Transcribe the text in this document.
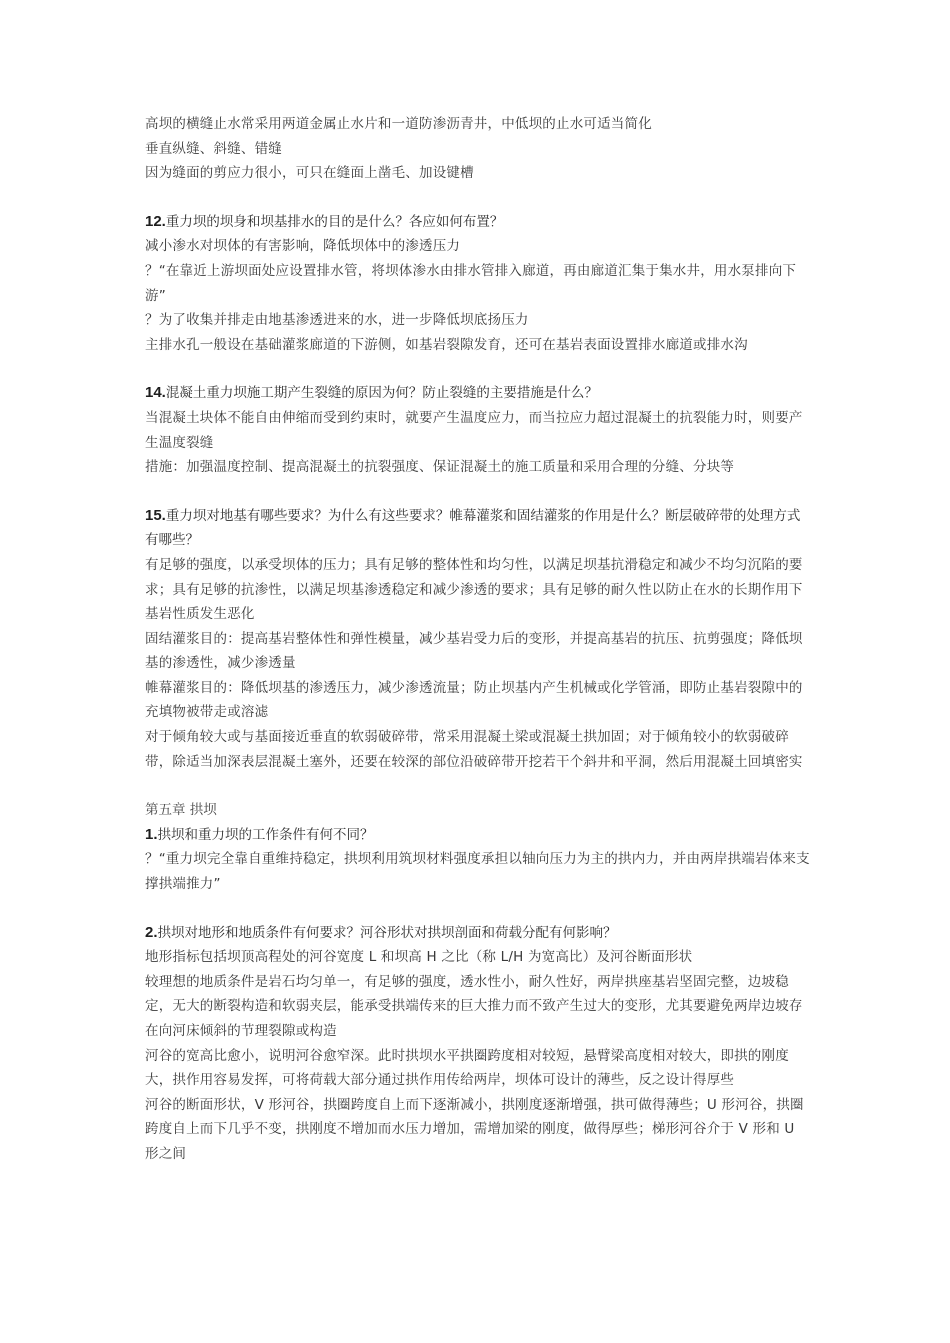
高坝的横缝止水常采用两道金属止水片和一道防渗沥青井，中低坝的止水可适当简化
垂直纵缝、斜缝、错缝
因为缝面的剪应力很小，可只在缝面上凿毛、加设键槽
12.重力坝的坝身和坝基排水的目的是什么？各应如何布置？
减小渗水对坝体的有害影响，降低坝体中的渗透压力
？“在靠近上游坝面处应设置排水管，将坝体渗水由排水管排入廊道，再由廊道汇集于集水井，用水泵排向下游”
？为了收集并排走由地基渗透进来的水，进一步降低坝底扬压力
主排水孔一般设在基础灌浆廊道的下游侧，如基岩裂隙发育，还可在基岩表面设置排水廊道或排水沟
14.混凝土重力坝施工期产生裂缝的原因为何？防止裂缝的主要措施是什么？
当混凝土块体不能自由伸缩而受到约束时，就要产生温度应力，而当拉应力超过混凝土的抗裂能力时，则要产生温度裂缝
措施：加强温度控制、提高混凝土的抗裂强度、保证混凝土的施工质量和采用合理的分缝、分块等
15.重力坝对地基有哪些要求？为什么有这些要求？帷幕灌浆和固结灌浆的作用是什么？断层破碎带的处理方式有哪些？
有足够的强度，以承受坝体的压力；具有足够的整体性和均匀性，以满足坝基抗滑稳定和减少不均匀沉陷的要求；具有足够的抗渗性，以满足坝基渗透稳定和减少渗透的要求；具有足够的耐久性以防止在水的长期作用下基岩性质发生恶化
固结灌浆目的：提高基岩整体性和弹性模量，减少基岩受力后的变形，并提高基岩的抗压、抗剪强度；降低坝基的渗透性，减少渗透量
帷幕灌浆目的：降低坝基的渗透压力，减少渗透流量；防止坝基内产生机械或化学管涌，即防止基岩裂隙中的充填物被带走或溶滤
对于倾角较大或与基面接近垂直的软弱破碎带，常采用混凝土梁或混凝土拱加固；对于倾角较小的软弱破碎带，除适当加深表层混凝土塞外，还要在较深的部位沿破碎带开挖若干个斜井和平洞，然后用混凝土回填密实
第五章 拱坝
1.拱坝和重力坝的工作条件有何不同？
？“重力坝完全靠自重维持稳定，拱坝利用筑坝材料强度承担以轴向压力为主的拱内力，并由两岸拱端岩体来支撑拱端推力”
2.拱坝对地形和地质条件有何要求？河谷形状对拱坝剖面和荷载分配有何影响？
地形指标包括坝顶高程处的河谷宽度 L 和坝高 H 之比（称 L/H 为宽高比）及河谷断面形状
较理想的地质条件是岩石均匀单一，有足够的强度，透水性小，耐久性好，两岸拱座基岩坚固完整，边坡稳定，无大的断裂构造和软弱夹层，能承受拱端传来的巨大推力而不致产生过大的变形，尤其要避免两岸边坡存在向河床倾斜的节理裂隙或构造
河谷的宽高比愈小，说明河谷愈窄深。此时拱坝水平拱圈跨度相对较短，悬臂梁高度相对较大，即拱的刚度大，拱作用容易发挥，可将荷载大部分通过拱作用传给两岸，坝体可设计的薄些，反之设计得厚些
河谷的断面形状，V 形河谷，拱圈跨度自上而下逐渐减小，拱刚度逐渐增强，拱可做得薄些；U 形河谷，拱圈跨度自上而下几乎不变，拱刚度不增加而水压力增加，需增加梁的刚度，做得厚些；梯形河谷介于 V 形和 U 形之间
